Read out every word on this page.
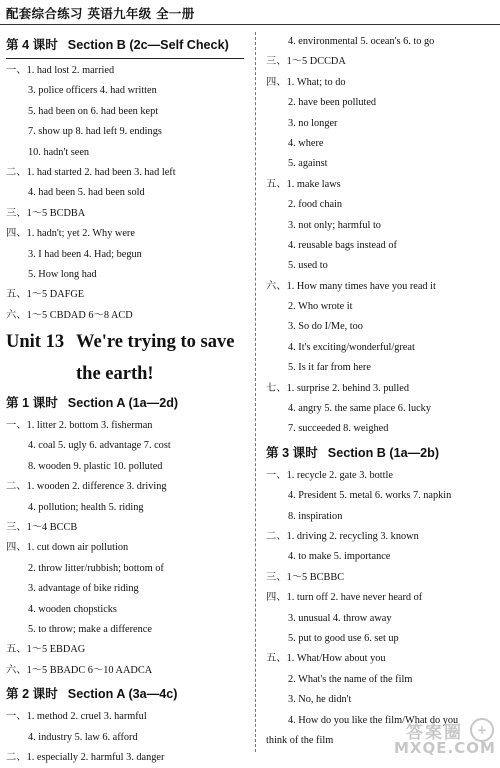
配套综合练习 英语九年级 全一册
第 4 课时 Section B (2c—Self Check)
一、1. had lost 2. married
3. police officers 4. had written
5. had been on 6. had been kept
7. show up 8. had left 9. endings
10. hadn't seen
二、1. had started 2. had been 3. had left
4. had been 5. had been sold
三、1～5 BCDBA
四、1. hadn't; yet 2. Why were
3. I had been 4. Had; begun
5. How long had
五、1～5 DAFGE
六、1～5 CBDAD 6～8 ACD
Unit 13 We're trying to save
the earth!
第 1 课时 Section A (1a—2d)
一、1. litter 2. bottom 3. fisherman
4. coal 5. ugly 6. advantage 7. cost
8. wooden 9. plastic 10. polluted
二、1. wooden 2. difference 3. driving
4. pollution; health 5. riding
三、1～4 BCCB
四、1. cut down air pollution
2. throw litter/rubbish; bottom of
3. advantage of bike riding
4. wooden chopsticks
5. to throw; make a difference
五、1～5 EBDAG
六、1～5 BBADC 6～10 AADCA
第 2 课时 Section A (3a—4c)
一、1. method 2. cruel 3. harmful
4. industry 5. law 6. afford
二、1. especially 2. harmful 3. danger
4. environmental 5. ocean's 6. to go
三、1～5 DCCDA
四、1. What; to do
2. have been polluted
3. no longer
4. where
5. against
五、1. make laws
2. food chain
3. not only; harmful to
4. reusable bags instead of
5. used to
六、1. How many times have you read it
2. Who wrote it
3. So do I/Me, too
4. It's exciting/wonderful/great
5. Is it far from here
七、1. surprise 2. behind 3. pulled
4. angry 5. the same place 6. lucky
7. succeeded 8. weighed
第 3 课时 Section B (1a—2b)
一、1. recycle 2. gate 3. bottle
4. President 5. metal 6. works 7. napkin
8. inspiration
二、1. driving 2. recycling 3. known
4. to make 5. importance
三、1～5 BCBBC
四、1. turn off 2. have never heard of
3. unusual 4. throw away
5. put to good use 6. set up
五、1. What/How about you
2. What's the name of the film
3. No, he didn't
4. How do you like the film/What do you
think of the film	答案圈	+
MXQE.COM
